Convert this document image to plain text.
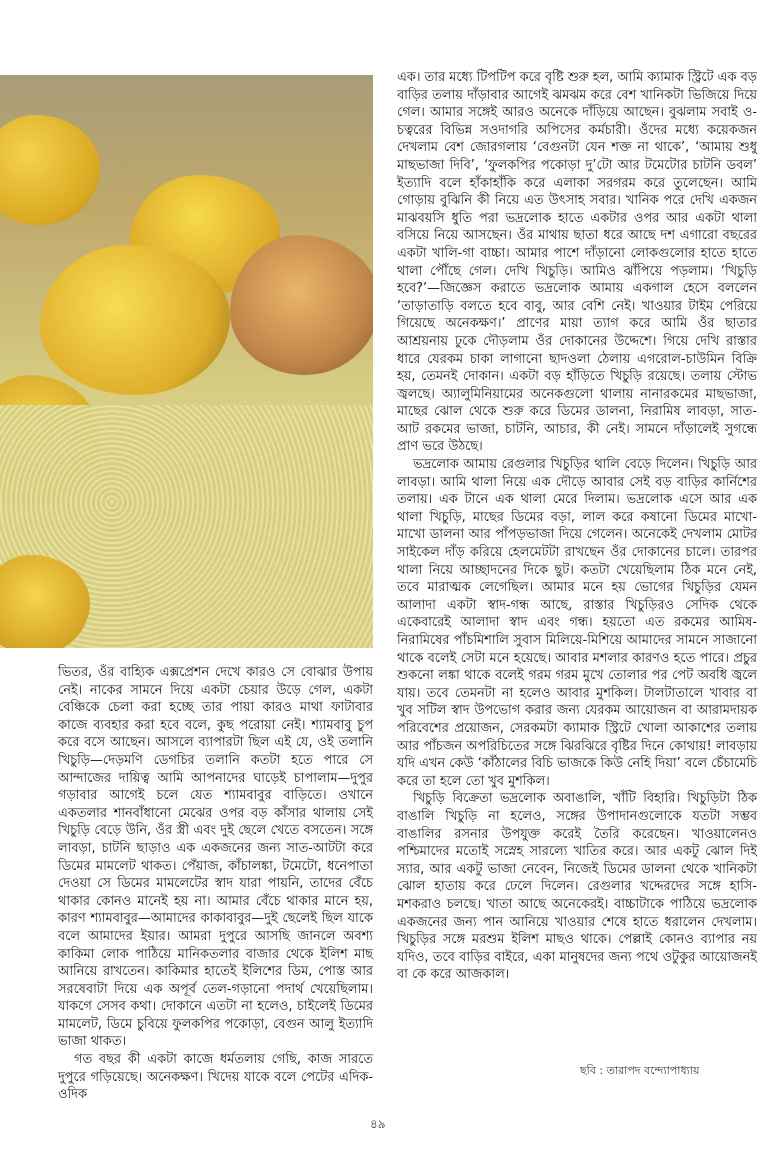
ভিতর, ওঁর বাহ্যিক এক্সপ্রেশন দেখে কারও সে বোঝার উপায় নেই। নাকের সামনে দিয়ে একটা চেয়ার উড়ে গেল, একটা বেঞ্চিকে চেলা করা হচ্ছে তার পায়া কারও মাথা ফাটাবার কাজে ব্যবহার করা হবে বলে, কুছ পরোয়া নেই। শ্যামবাবু চুপ করে বসে আছেন। আসলে ব্যাপারটা ছিল এই যে, ওই তলানি খিচুড়ি—দেড়মণি ডেগচির তলানি কতটা হতে পারে সে আন্দাজের দায়িত্ব আমি আপনাদের ঘাড়েই চাপালাম—দুপুর গড়াবার আগেই চলে যেত শ্যামবাবুর বাড়িতে। ওখানে একতলার শানবাঁধানো মেঝের ওপর বড় কাঁসার থালায় সেই খিচুড়ি বেড়ে উনি, ওঁর স্ত্রী এবং দুই ছেলে খেতে বসতেন। সঙ্গে লাবড়া, চাটনি ছাড়াও এক একজনের জন্য সাত-আটটা করে ডিমের মামলেট থাকত। পেঁয়াজ, কাঁচালঙ্কা, টমেটো, ধনেপাতা দেওয়া সে ডিমের মামলেটের স্বাদ যারা পায়নি, তাদের বেঁচে থাকার কোনও মানেই হয় না। আমার বেঁচে থাকার মানে হয়, কারণ শ্যামবাবুর—আমাদের কাকাবাবুর—দুই ছেলেই ছিল যাকে বলে আমাদের ইয়ার। আমরা দুপুরে আসছি জানলে অবশ্য কাকিমা লোক পাঠিয়ে মানিকতলার বাজার থেকে ইলিশ মাছ আনিয়ে রাখতেন। কাকিমার হাতেই ইলিশের ডিম, পোস্ত আর সরষেবাটা দিয়ে এক অপূর্ব তেল-গড়ানো পদার্থ খেয়েছিলাম। যাকগে সেসব কথা। দোকানে এতটা না হলেও, চাইলেই ডিমের মামলেট, ডিমে চুবিয়ে ফুলকপির পকোড়া, বেগুন আলু ইত্যাদি ভাজা থাকত।

গত বছর কী একটা কাজে ধর্মতলায় গেছি, কাজ সারতে দুপুরে গড়িয়েছে। অনেকক্ষণ। খিদেয় যাকে বলে পেটের এদিক-ওদিক

এক। তার মধ্যে টিপটিপ করে বৃষ্টি শুরু হল, আমি ক্যামাক স্ট্রিটে এক বড় বাড়ির তলায় দাঁড়াবার আগেই ঝমঝম করে বেশ খানিকটা ভিজিয়ে দিয়ে গেল। আমার সঙ্গেই আরও অনেকে দাঁড়িয়ে আছেন। বুঝলাম সবাই ও-চত্বরের বিভিন্ন সওদাগরি অপিসের কর্মচারী। ওঁদের মধ্যে কয়েকজন দেখলাম বেশ জোরগলায় ‘বেগুনটা যেন শক্ত না থাকে’, ‘আমায় শুধু মাছভাজা দিবি’, ‘ফুলকপির পকোড়া দু’টো আর টমেটোর চাটনি ডবল’ ইত্যাদি বলে হাঁকাহাঁকি করে এলাকা সরগরম করে তুলেছেন। আমি গোড়ায় বুঝিনি কী নিয়ে এত উৎসাহ সবার। খানিক পরে দেখি একজন মাঝবয়সি ধুতি পরা ভদ্রলোক হাতে একটার ওপর আর একটা থালা বসিয়ে নিয়ে আসছেন। ওঁর মাথায় ছাতা ধরে আছে দশ এগারো বছরের একটা খালি-গা বাচ্চা। আমার পাশে দাঁড়ানো লোকগুলোর হাতে হাতে থালা পৌঁছে গেল। দেখি খিচুড়ি। আমিও ঝাঁপিয়ে পড়লাম। ‘খিচুড়ি হবে?’—জিজ্ঞেস করাতে ভদ্রলোক আমায় একগাল হেসে বললেন ‘তাড়াতাড়ি বলতে হবে বাবু, আর বেশি নেই। খাওয়ার টাইম পেরিয়ে গিয়েছে অনেকক্ষণ।’ প্রাণের মায়া ত্যাগ করে আমি ওঁর ছাতার আশ্রয়নায় ঢুকে দৌড়লাম ওঁর দোকানের উদ্দেশে। গিয়ে দেখি রাস্তার ধারে যেরকম চাকা লাগানো ছাদওলা ঠেলায় এগরোল-চাউমিন বিক্রি হয়, তেমনই দোকান। একটা বড় হাঁড়িতে খিচুড়ি রয়েছে। তলায় স্টোভ জ্বলছে। অ্যালুমিনিয়ামের অনেকগুলো থালায় নানারকমের মাছভাজা, মাছের ঝোল থেকে শুরু করে ডিমের ডালনা, নিরামিষ লাবড়া, সাত-আট রকমের ভাজা, চাটনি, আচার, কী নেই। সামনে দাঁড়ালেই সুগন্ধে প্রাণ ভরে উঠছে।

ভদ্রলোক আমায় রেগুলার খিচুড়ির থালি বেড়ে দিলেন। খিচুড়ি আর লাবড়া। আমি থালা নিয়ে এক দৌড়ে আবার সেই বড় বাড়ির কার্নিশের তলায়। এক টানে এক থালা মেরে দিলাম। ভদ্রলোক এসে আর এক থালা খিচুড়ি, মাছের ডিমের বড়া, লাল করে কষানো ডিমের মাখো-মাখো ডালনা আর পাঁপড়ভাজা দিয়ে গেলেন। অনেকেই দেখলাম মোটর সাইকেল দাঁড় করিয়ে হেলমেটটা রাখছেন ওঁর দোকানের চালে। তারপর থালা নিয়ে আচ্ছাদনের দিকে ছুট। কতটা খেয়েছিলাম ঠিক মনে নেই, তবে মারাত্মক লেগেছিল। আমার মনে হয় ভোগের খিচুড়ির যেমন আলাদা একটা স্বাদ-গন্ধ আছে, রাস্তার খিচুড়িরও সেদিক থেকে একেবারেই আলাদা স্বাদ এবং গন্ধ। হয়তো এত রকমের আমিষ-নিরামিষের পাঁচমিশালি সুবাস মিলিয়ে-মিশিয়ে আমাদের সামনে সাজানো থাকে বলেই সেটা মনে হয়েছে। আবার মশলার কারণও হতে পারে। প্রচুর শুকনো লঙ্কা থাকে বলেই গরম গরম মুখে তোলার পর পেট অবধি জ্বলে যায়। তবে তেমনটা না হলেও আবার মুশকিল। টালটাতালে খাবার বা খুব সটিল স্বাদ উপভোগ করার জন্য যেরকম আয়োজন বা আরামদায়ক পরিবেশের প্রয়োজন, সেরকমটা ক্যামাক স্ট্রিটে খোলা আকাশের তলায় আর পাঁচজন অপরিচিতের সঙ্গে ঝিরঝিরে বৃষ্টির দিনে কোথায়! লাবড়ায় যদি এখন কেউ ‘কাঁঠালের বিচি ভাজকে কিউ নেহি দিয়া’ বলে চেঁচামেচি করে তা হলে তো খুব মুশকিল।

খিচুড়ি বিক্রেতা ভদ্রলোক অবাঙালি, খাঁটি বিহারি। খিচুড়িটা ঠিক বাঙালি খিচুড়ি না হলেও, সঙ্গের উপাদানগুলোকে যতটা সম্ভব বাঙালির রসনার উপযুক্ত করেই তৈরি করেছেন। খাওয়ালেনও পশ্চিমাদের মতোই সস্নেহ সারল্যে খাতির করে। আর একটু ঝোল দিই স্যার, আর একটু ভাজা নেবেন, নিজেই ডিমের ডালনা থেকে খানিকটা ঝোল হাতায় করে ঢেলে দিলেন। রেগুলার খদ্দেরদের সঙ্গে হাসি-মশকরাও চলছে। খাতা আছে অনেকেরই। বাচ্চাটাকে পাঠিয়ে ভদ্রলোক একজনের জন্য পান আনিয়ে খাওয়ার শেষে হাতে ধরালেন দেখলাম। খিচুড়ির সঙ্গে মরশুম ইলিশ মাছও থাকে। পেল্লাই কোনও ব্যাপার নয় যদিও, তবে বাড়ির বাইরে, একা মানুষদের জন্য পথে ওটুকুর আয়োজনই বা কে করে আজকাল।

ছবি : তারাপদ বন্দ্যোপাধ্যায়
৪৯
